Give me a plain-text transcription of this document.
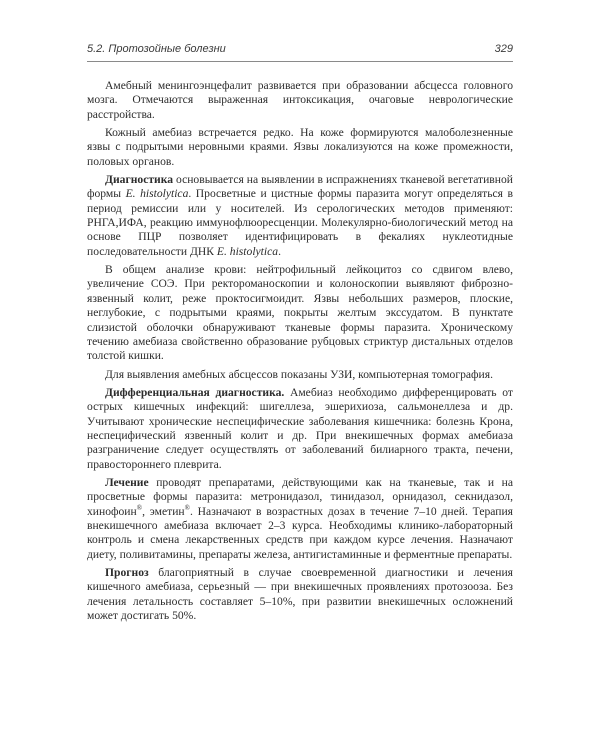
5.2. Протозойные болезни	329

Амебный менингоэнцефалит развивается при образовании абсцесса головного мозга. Отмечаются выраженная интоксикация, очаговые неврологические расстройства.

Кожный амебиаз встречается редко. На коже формируются малоболезненные язвы с подрытыми неровными краями. Язвы локализуются на коже промежности, половых органов.

Диагностика основывается на выявлении в испражнениях тканевой вегетативной формы E. histolytica. Просветные и цистные формы паразита могут определяться в период ремиссии или у носителей. Из серологических методов применяют: РНГА,ИФА, реакцию иммунофлюоресценции. Молекулярно-биологический метод на основе ПЦР позволяет идентифицировать в фекалиях нуклеотидные последовательности ДНК E. histolytica.

В общем анализе крови: нейтрофильный лейкоцитоз со сдвигом влево, увеличение СОЭ. При ректороманоскопии и колоноскопии выявляют фиброзно-язвенный колит, реже проктосигмоидит. Язвы небольших размеров, плоские, неглубокие, с подрытыми краями, покрыты желтым экссудатом. В пунктате слизистой оболочки обнаруживают тканевые формы паразита. Хроническому течению амебиаза свойственно образование рубцовых стриктур дистальных отделов толстой кишки.

Для выявления амебных абсцессов показаны УЗИ, компьютерная томография.

Дифференциальная диагностика. Амебиаз необходимо дифференцировать от острых кишечных инфекций: шигеллеза, эшерихиоза, сальмонеллеза и др. Учитывают хронические неспецифические заболевания кишечника: болезнь Крона, неспецифический язвенный колит и др. При внекишечных формах амебиаза разграничение следует осуществлять от заболеваний билиарного тракта, печени, правостороннего плеврита.

Лечение проводят препаратами, действующими как на тканевые, так и на просветные формы паразита: метронидазол, тинидазол, орнидазол, секнидазол, хинофоин®, эметин®. Назначают в возрастных дозах в течение 7–10 дней. Терапия внекишечного амебиаза включает 2–3 курса. Необходимы клинико-лабораторный контроль и смена лекарственных средств при каждом курсе лечения. Назначают диету, поливитамины, препараты железа, антигистаминные и ферментные препараты.

Прогноз благоприятный в случае своевременной диагностики и лечения кишечного амебиаза, серьезный — при внекишечных проявлениях протозооза. Без лечения летальность составляет 5–10%, при развитии внекишечных осложнений может достигать 50%.
